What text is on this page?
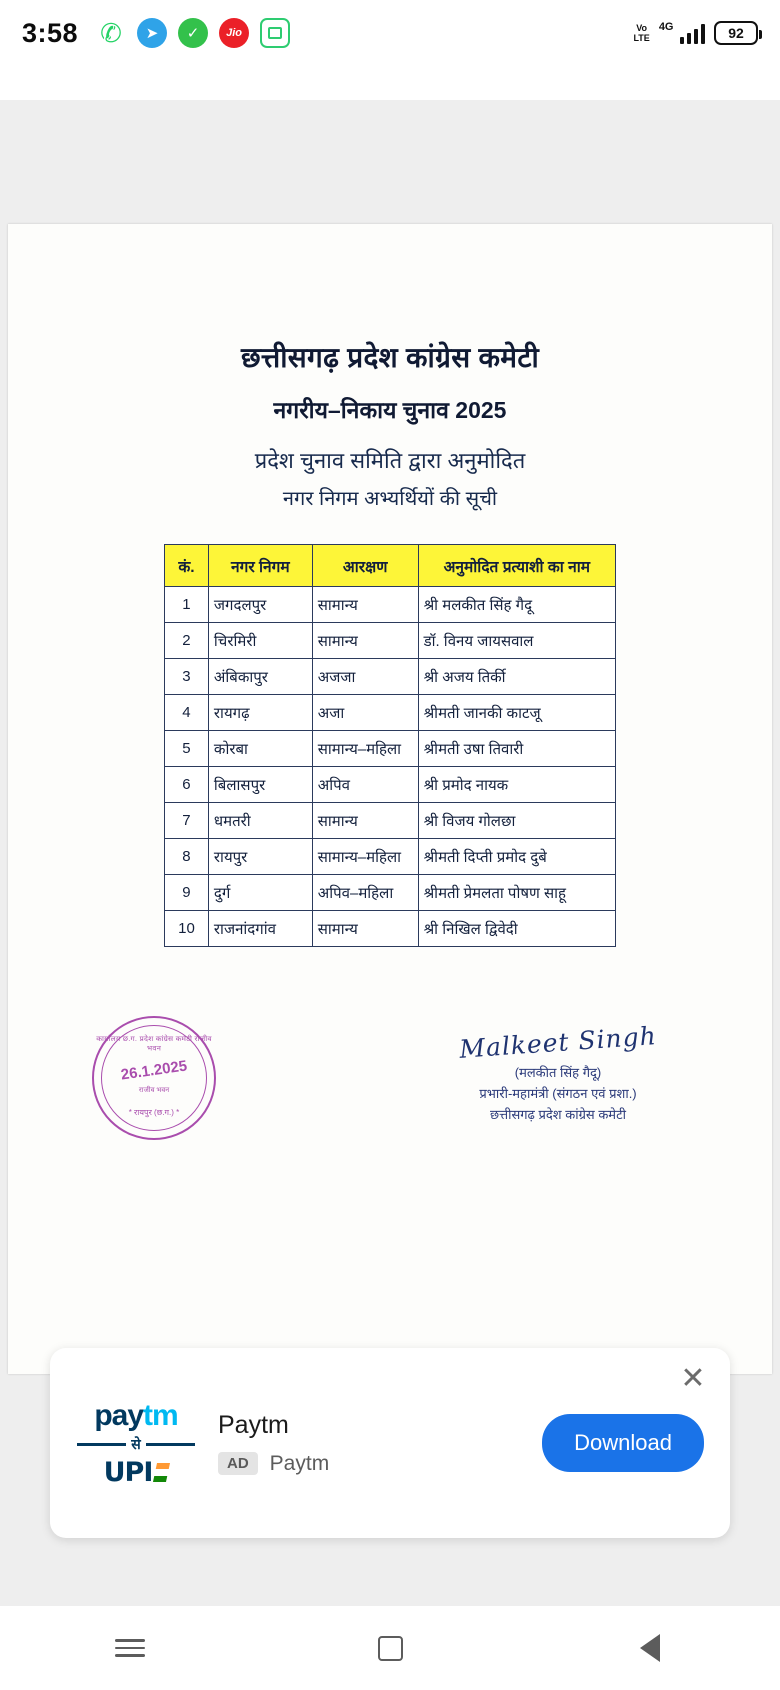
3:58 ✆	➤	✓	Jio	Vo
LTE
4G	92
छत्तीसगढ़ प्रदेश कांग्रेस कमेटी
नगरीय–निकाय चुनाव 2025
प्रदेश चुनाव समिति द्वारा अनुमोदित
नगर निगम अभ्यर्थियों की सूची
कं.	नगर निगम	आरक्षण	अनुमोदित प्रत्याशी का नाम
1	जगदलपुर	सामान्य	श्री मलकीत सिंह गैदू
2	चिरमिरी	सामान्य	डॉ. विनय जायसवाल
3	अंबिकापुर	अजजा	श्री अजय तिर्की
4	रायगढ़	अजा	श्रीमती जानकी काटजू
5	कोरबा	सामान्य–महिला	श्रीमती उषा तिवारी
6	बिलासपुर	अपिव	श्री प्रमोद नायक
7	धमतरी	सामान्य	श्री विजय गोलछा
8	रायपुर	सामान्य–महिला	श्रीमती दिप्ती प्रमोद दुबे
9	दुर्ग	अपिव–महिला	श्रीमती प्रेमलता पोषण साहू
10	राजनांदगांव	सामान्य	श्री निखिल द्विवेदी
कार्यालय छ.ग. प्रदेश कांग्रेस कमेटी राजीव भवन
26.1.2025
राजीव भवन
* रायपुर (छ.ग.) *
Malkeet Singh
(मलकीत सिंह गैदू)
प्रभारी-महामंत्री (संगठन एवं प्रशा.)
छत्तीसगढ़ प्रदेश कांग्रेस कमेटी
✕
pay tm
से
UPI
Paytm
AD	Paytm
Download
